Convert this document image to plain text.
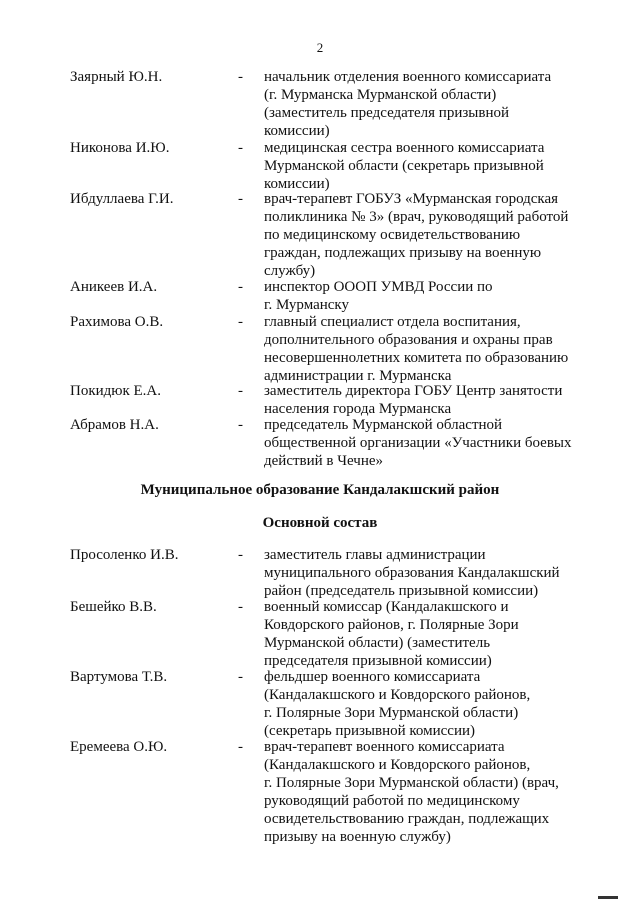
2
Заярный Ю.Н.	- начальник отделения военного комиссариата
(г. Мурманска Мурманской области)
(заместитель председателя призывной
комиссии)
Никонова И.Ю.	- медицинская сестра военного комиссариата
Мурманской области (секретарь призывной
комиссии)
Ибдуллаева Г.И.	- врач-терапевт ГОБУЗ «Мурманская городская
поликлиника № 3» (врач, руководящий работой
по медицинскому освидетельствованию
граждан, подлежащих призыву на военную
службу)
Аникеев И.А.	- инспектор ОООП УМВД России по
г. Мурманску
Рахимова О.В.	- главный специалист отдела воспитания,
дополнительного образования и охраны прав
несовершеннолетних комитета по образованию
администрации г. Мурманска
Покидюк Е.А.	- заместитель директора ГОБУ Центр занятости
населения города Мурманска
Абрамов Н.А.	- председатель Мурманской областной
общественной организации «Участники боевых
действий в Чечне»
Муниципальное образование Кандалакшский район
Основной состав
Просоленко И.В.	- заместитель главы администрации
муниципального образования Кандалакшский
район (председатель призывной комиссии)
Бешейко В.В.	- военный комиссар (Кандалакшского и
Ковдорского районов, г. Полярные Зори
Мурманской области) (заместитель
председателя призывной комиссии)
Вартумова Т.В.	- фельдшер военного комиссариата
(Кандалакшского и Ковдорского районов,
г. Полярные Зори Мурманской области)
(секретарь призывной комиссии)
Еремеева О.Ю.	- врач-терапевт военного комиссариата
(Кандалакшского и Ковдорского районов,
г. Полярные Зори Мурманской области) (врач,
руководящий работой по медицинскому
освидетельствованию граждан, подлежащих
призыву на военную службу)
